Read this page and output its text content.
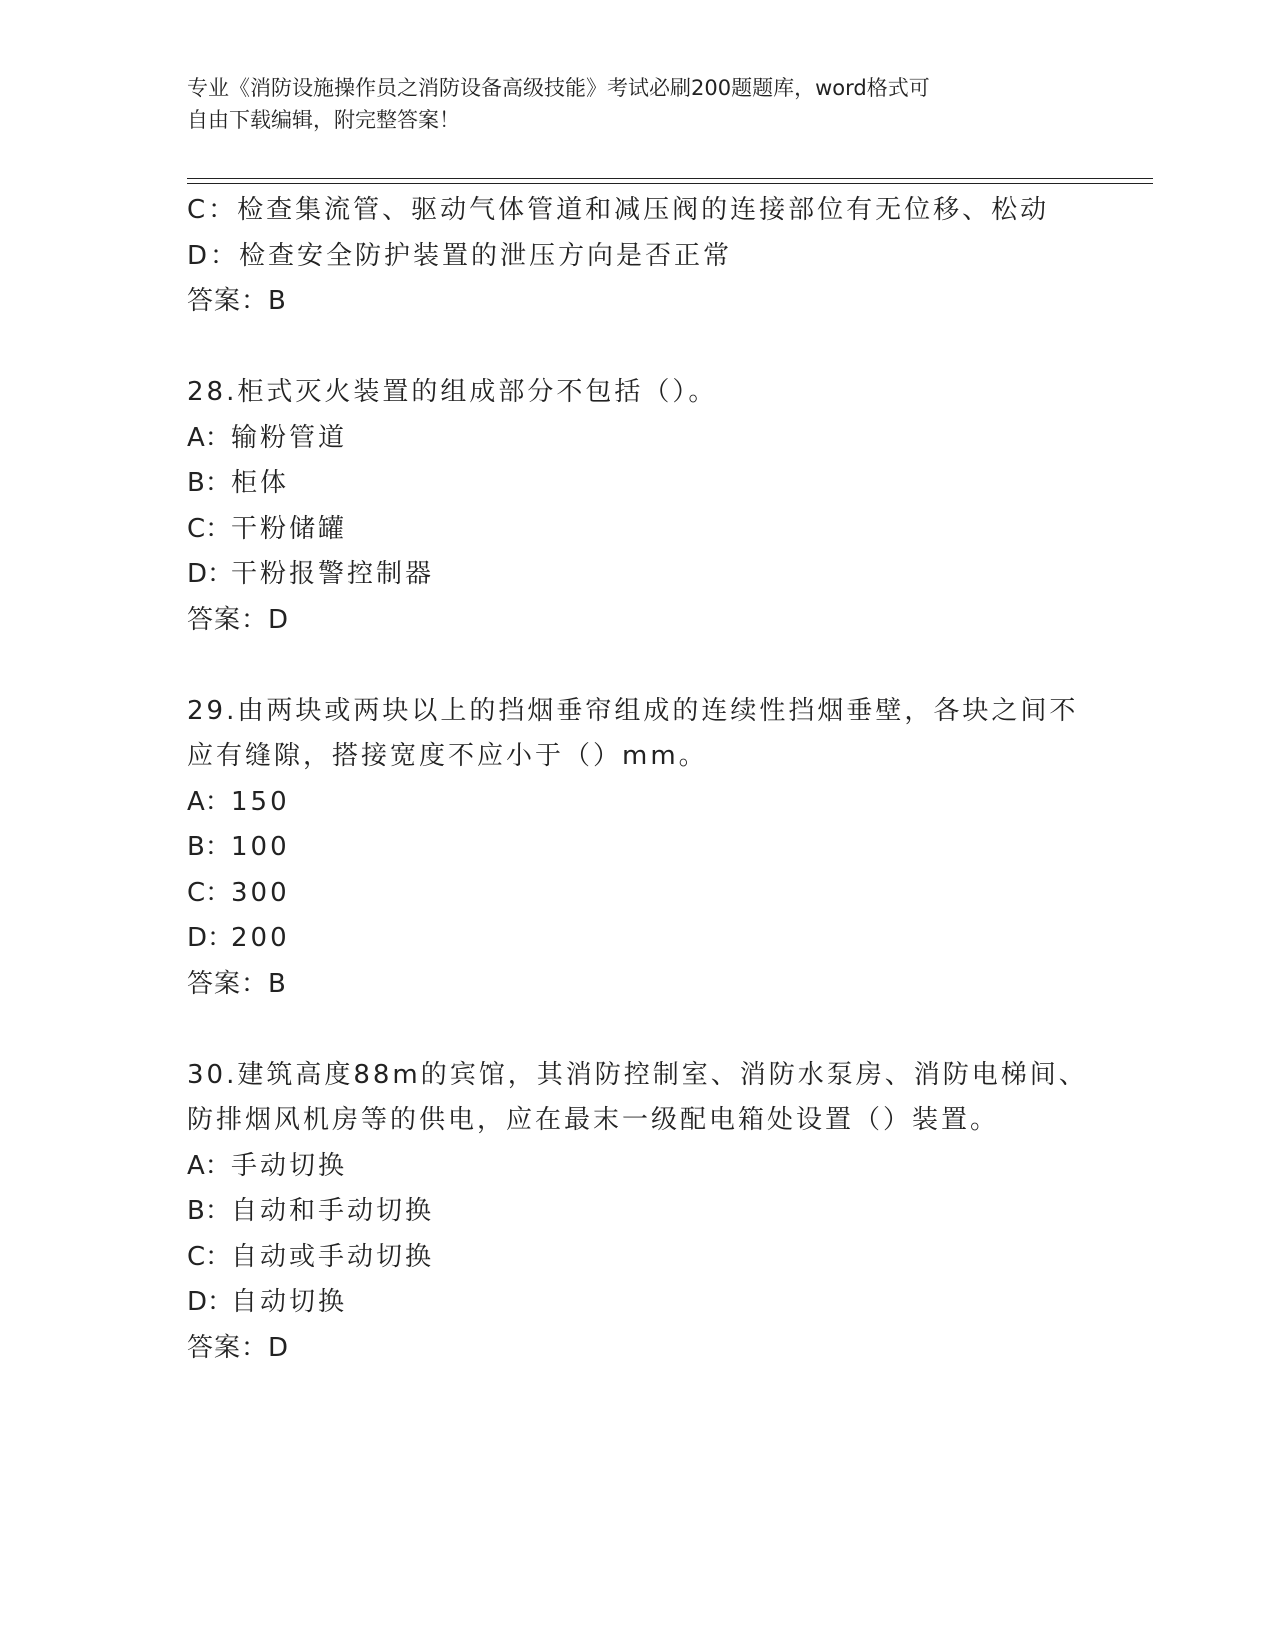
专业《消防设施操作员之消防设备高级技能》考试必刷200题题库，word格式可
自由下载编辑，附完整答案！
C：检查集流管、驱动气体管道和减压阀的连接部位有无位移、松动
D：检查安全防护装置的泄压方向是否正常
答案：B
28.柜式灭火装置的组成部分不包括（）。
A：输粉管道
B：柜体
C：干粉储罐
D：干粉报警控制器
答案：D
29.由两块或两块以上的挡烟垂帘组成的连续性挡烟垂壁，各块之间不
应有缝隙，搭接宽度不应小于（）mm。
A：150
B：100
C：300
D：200
答案：B
30.建筑高度88m的宾馆，其消防控制室、消防水泵房、消防电梯间、
防排烟风机房等的供电，应在最末一级配电箱处设置（）装置。
A：手动切换
B：自动和手动切换
C：自动或手动切换
D：自动切换
答案：D
